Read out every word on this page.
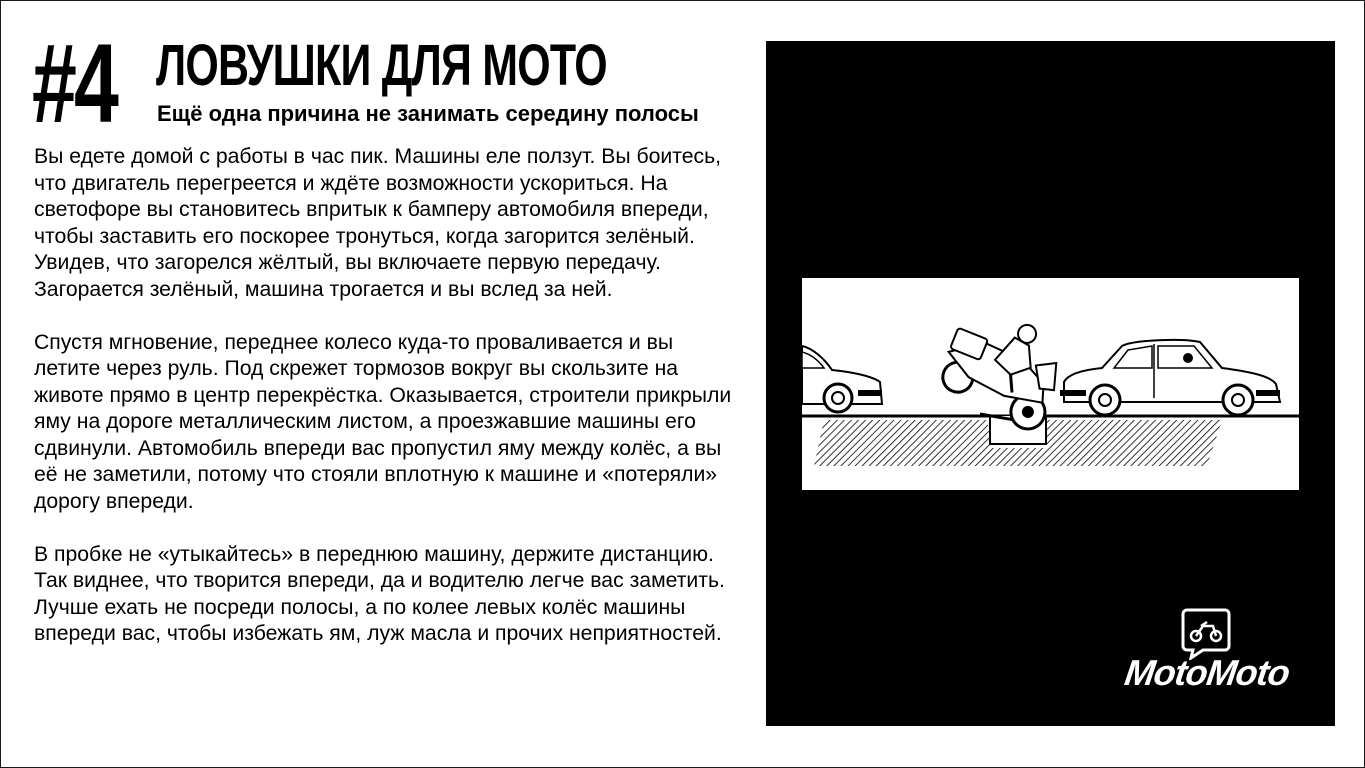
#4 ЛОВУШКИ ДЛЯ МОТО
Ещё одна причина не занимать середину полосы

Вы едете домой с работы в час пик. Машины еле ползут. Вы боитесь, что двигатель перегреется и ждёте возможности ускориться. На светофоре вы становитесь впритык к бамперу автомобиля впереди, чтобы заставить его поскорее тронуться, когда загорится зелёный. Увидев, что загорелся жёлтый, вы включаете первую передачу. Загорается зелёный, машина трогается и вы вслед за ней.

Спустя мгновение, переднее колесо куда-то проваливается и вы летите через руль. Под скрежет тормозов вокруг вы скользите на животе прямо в центр перекрёстка. Оказывается, строители прикрыли яму на дороге металлическим листом, а проезжавшие машины его сдвинули. Автомобиль впереди вас пропустил яму между колёс, а вы её не заметили, потому что стояли вплотную к машине и «потеряли» дорогу впереди.

В пробке не «утыкайтесь» в переднюю машину, держите дистанцию. Так виднее, что творится впереди, да и водителю легче вас заметить. Лучше ехать не посреди полосы, а по колее левых колёс машины впереди вас, чтобы избежать ям, луж масла и прочих неприятностей.

MotoMoto
